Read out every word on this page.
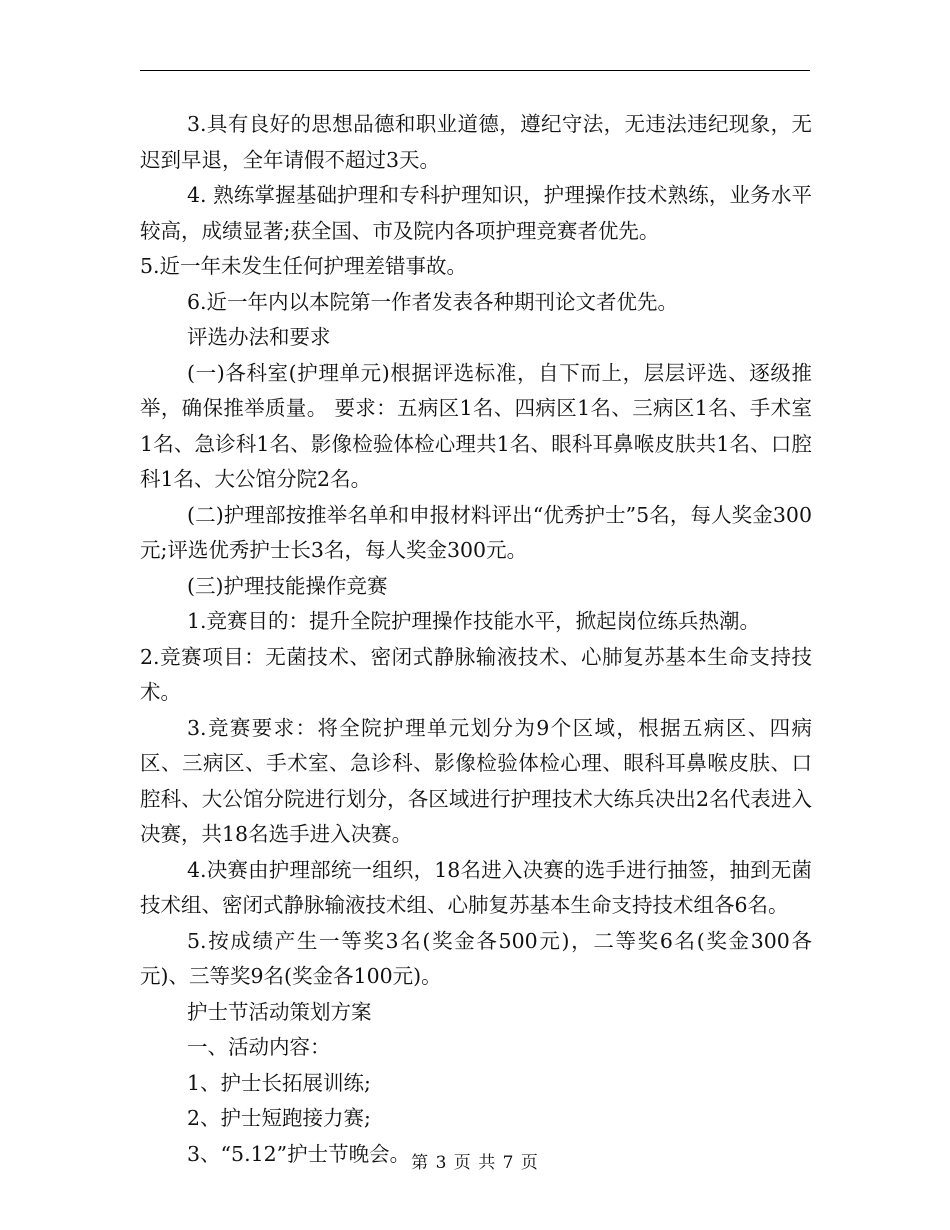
3.具有良好的思想品德和职业道德，遵纪守法，无违法违纪现象，无迟到早退，全年请假不超过3天。

4. 熟练掌握基础护理和专科护理知识，护理操作技术熟练，业务水平较高，成绩显著;获全国、市及院内各项护理竞赛者优先。

5.近一年未发生任何护理差错事故。

6.近一年内以本院第一作者发表各种期刊论文者优先。

评选办法和要求

(一)各科室(护理单元)根据评选标准，自下而上，层层评选、逐级推举，确保推举质量。 要求：五病区1名、四病区1名、三病区1名、手术室1名、急诊科1名、影像检验体检心理共1名、眼科耳鼻喉皮肤共1名、口腔科1名、大公馆分院2名。

(二)护理部按推举名单和申报材料评出“优秀护士”5名，每人奖金300元;评选优秀护士长3名，每人奖金300元。

(三)护理技能操作竞赛

1.竞赛目的：提升全院护理操作技能水平，掀起岗位练兵热潮。

2.竞赛项目：无菌技术、密闭式静脉输液技术、心肺复苏基本生命支持技术。

3.竞赛要求：将全院护理单元划分为9个区域，根据五病区、四病区、三病区、手术室、急诊科、影像检验体检心理、眼科耳鼻喉皮肤、口腔科、大公馆分院进行划分，各区域进行护理技术大练兵决出2名代表进入决赛，共18名选手进入决赛。

4.决赛由护理部统一组织，18名进入决赛的选手进行抽签，抽到无菌技术组、密闭式静脉输液技术组、心肺复苏基本生命支持技术组各6名。

5.按成绩产生一等奖3名(奖金各500元)，二等奖6名(奖金300各元)、三等奖9名(奖金各100元)。

护士节活动策划方案

一、活动内容：

1、护士长拓展训练;

2、护士短跑接力赛;

3、“5.12”护士节晚会。 第 3 页 共 7 页
